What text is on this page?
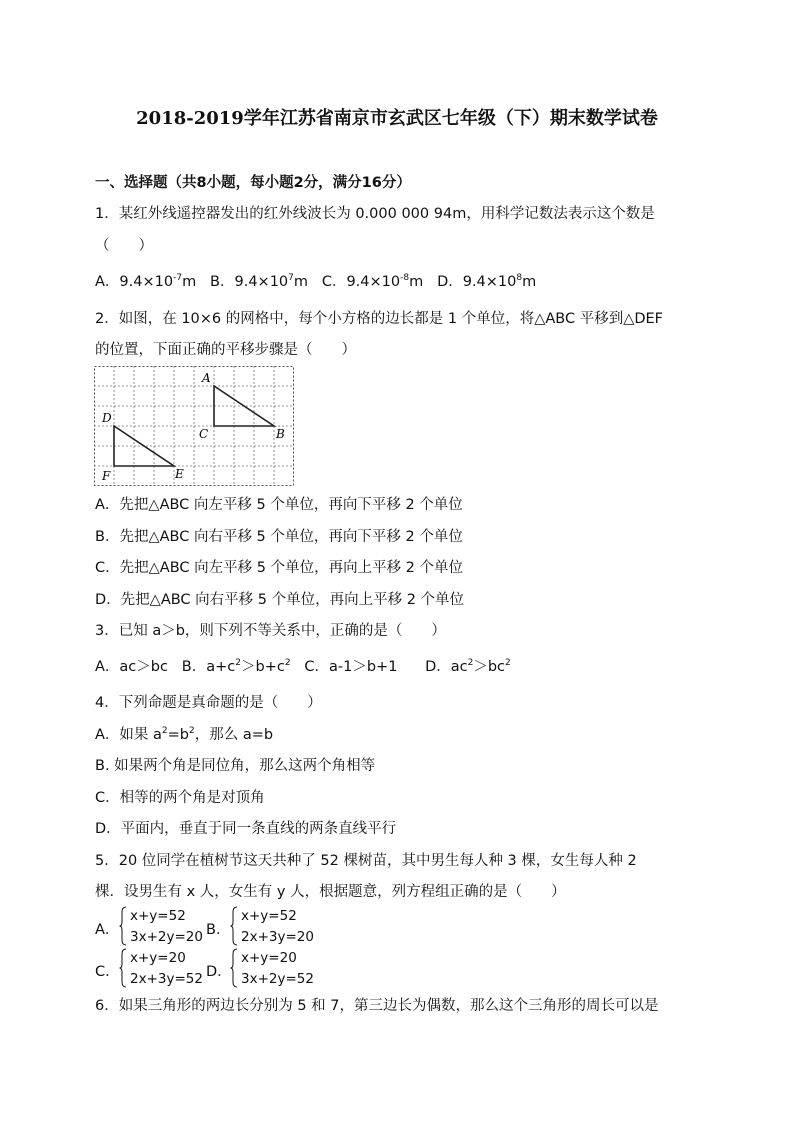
2018-2019学年江苏省南京市玄武区七年级（下）期末数学试卷
一、选择题（共8小题，每小题2分，满分16分）
1．某红外线遥控器发出的红外线波长为 0.000 000 94m，用科学记数法表示这个数是
（　　）
A．$9.4\times 10^{-7}m$ B．$9.4\times 10^7m$ C．$9.4\times 10^{-8}m$ D．$9.4\times 10^8m$
2．如图，在 10×6 的网格中，每个小方格的边长都是 1 个单位，将△ABC 平移到△DEF
的位置，下面正确的平移步骤是（　　）
A
B
C
D
E
F
A．先把△ABC 向左平移 5 个单位，再向下平移 2 个单位
B．先把△ABC 向右平移 5 个单位，再向下平移 2 个单位
C．先把△ABC 向左平移 5 个单位，再向上平移 2 个单位
D．先把△ABC 向右平移 5 个单位，再向上平移 2 个单位
3．已知 a＞b，则下列不等关系中，正确的是（　　）
A．ac＞bc B．$a+c^2>b+c^2$ C．a-1＞b+1 D．$ac^2>bc^2$
4．下列命题是真命题的是（　　）
A．如果 $a^2=b^2$，那么 a=b
B. 如果两个角是同位角，那么这两个角相等
C．相等的两个角是对顶角
D．平面内，垂直于同一条直线的两条直线平行
5．20 位同学在植树节这天共种了 52 棵树苗，其中男生每人种 3 棵，女生每人种 2
棵．设男生有 x 人，女生有 y 人，根据题意，列方程组正确的是（　　）
A．
x+y=52
3x+2y=20 B．
x+y=52
2x+3y=20
C．
x+y=20
2x+3y=52 D．
x+y=20
3x+2y=52
6．如果三角形的两边长分别为 5 和 7，第三边长为偶数，那么这个三角形的周长可以是
